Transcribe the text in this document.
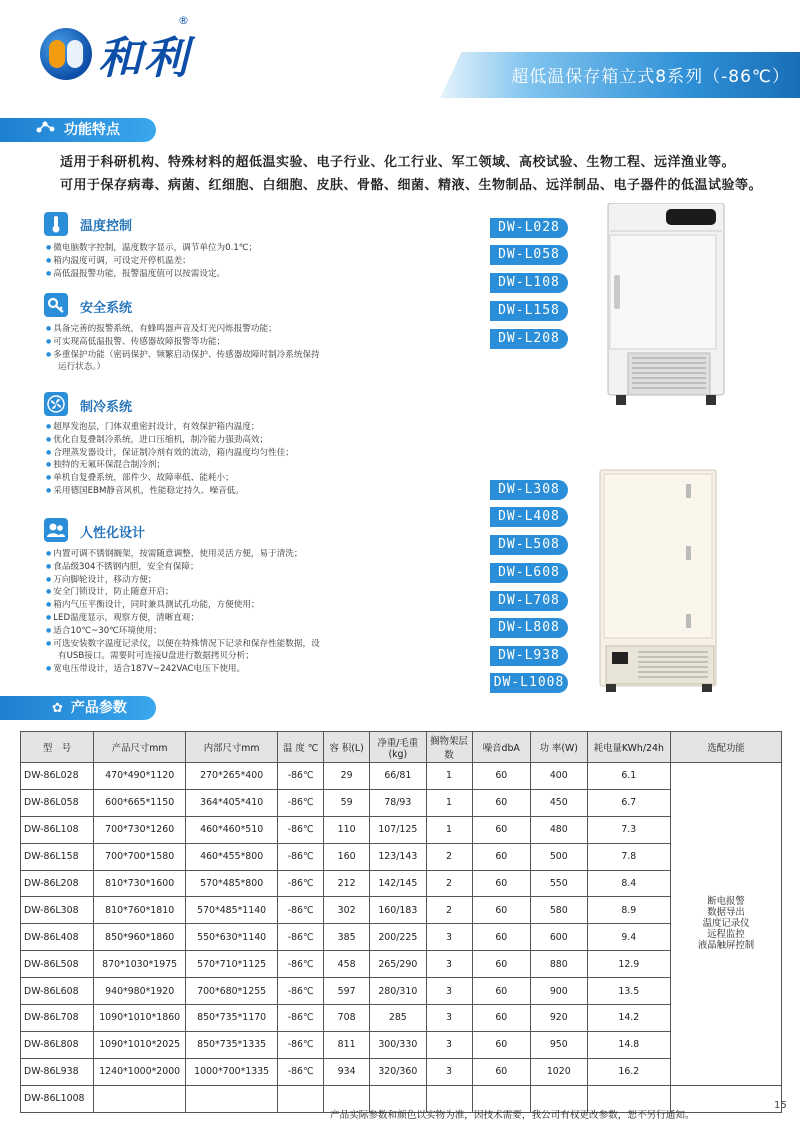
和利
®
超低温保存箱立式8系列（-86℃）
功能特点
适用于科研机构、特殊材料的超低温实验、电子行业、化工行业、军工领域、高校试验、生物工程、远洋渔业等。
可用于保存病毒、病菌、红细胞、白细胞、皮肤、骨骼、细菌、精液、生物制品、远洋制品、电子器件的低温试验等。
温度控制
● 微电脑数字控制，温度数字显示，调节单位为0.1℃；
● 箱内温度可调，可设定开停机温差；
● 高低温报警功能，报警温度值可以按需设定。
安全系统
● 具备完善的报警系统，有蜂鸣器声音及灯光闪烁报警功能；
● 可实现高低温报警、传感器故障报警等功能；
● 多重保护功能（密码保护、频繁启动保护、传感器故障时制冷系统保持
运行状态。）
制冷系统
● 超厚发泡层，门体双重密封设计，有效保护箱内温度；
● 优化自复叠制冷系统，进口压缩机，制冷能力强劲高效；
● 合理蒸发器设计，保证制冷剂有效的流动，箱内温度均匀性佳；
● 独特的无氟环保混合制冷剂；
● 单机自复叠系统，部件少、故障率低、能耗小；
● 采用德国EBM静音风机，性能稳定持久、噪音低。
人性化设计
● 内置可调不锈钢搁架，按需随意调整，使用灵活方便，易于清洗；
● 食品级304不锈钢内胆，安全有保障；
● 万向脚轮设计，移动方便；
● 安全门锁设计，防止随意开启；
● 箱内气压平衡设计，同时兼具测试孔功能，方便使用；
● LED温度显示，观察方便，清晰直观；
● 适合10℃~30℃环境使用；
● 可选安装数字温度记录仪，以便在特殊情况下记录和保存性能数据，设
有USB接口。需要时可连接U盘进行数据拷贝分析；
● 宽电压带设计，适合187V~242VAC电压下使用。
DW-L028
DW-L058
DW-L108
DW-L158
DW-L208
DW-L308
DW-L408
DW-L508
DW-L608
DW-L708
DW-L808
DW-L938
DW-L1008
✿ 产品参数
型　号	产品尺寸mm	内部尺寸mm	温 度 ℃	容 积(L)	净重/毛重(kg)	搁物架层数	噪音dbA	功 率(W)	耗电量KWh/24h	选配功能
DW-86L028	470*490*1120	270*265*400	-86℃	29	66/81	1	60	400	6.1	断电报警
数据导出
温度记录仪
远程监控
液晶触屏控制

DW-86L058	600*665*1150	364*405*410	-86℃	59	78/93	1	60	450	6.7	
DW-86L108	700*730*1260	460*460*510	-86℃	110	107/125	1	60	480	7.3	
DW-86L158	700*700*1580	460*455*800	-86℃	160	123/143	2	60	500	7.8	
DW-86L208	810*730*1600	570*485*800	-86℃	212	142/145	2	60	550	8.4	
DW-86L308	810*760*1810	570*485*1140	-86℃	302	160/183	2	60	580	8.9	
DW-86L408	850*960*1860	550*630*1140	-86℃	385	200/225	3	60	600	9.4	
DW-86L508	870*1030*1975	570*710*1125	-86℃	458	265/290	3	60	880	12.9	
DW-86L608	940*980*1920	700*680*1255	-86℃	597	280/310	3	60	900	13.5	
DW-86L708	1090*1010*1860	850*735*1170	-86℃	708	285	3	60	920	14.2	
DW-86L808	1090*1010*2025	850*735*1335	-86℃	811	300/330	3	60	950	14.8	
DW-86L938	1240*1000*2000	1000*700*1335	-86℃	934	320/360	3	60	1020	16.2	
DW-86L1008										
产品实际参数和颜色以实物为准，因技术需要，我公司有权更改参数，恕不另行通知。
15
